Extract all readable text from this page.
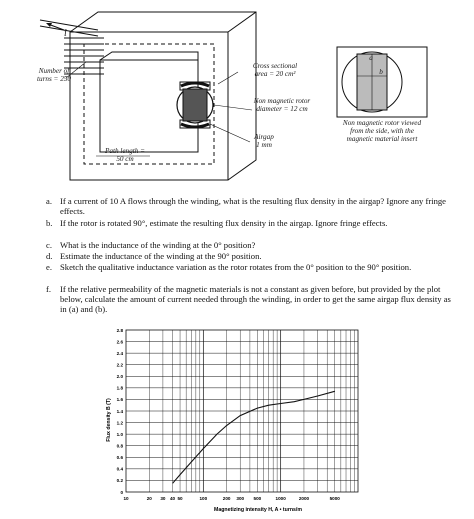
i
Number of
turns = 250
Cross sectional
area = 20 cm²
Non magnetic rotor
diameter = 12 cm
Airgap
1 mm
Path length =
50 cm
Non magnetic rotor viewed
from the side, with the
magnetic material insert
a
b
a. If a current of 10 A flows through the winding, what is the resulting flux density in the airgap? Ignore any fringe effects.
b. If the rotor is rotated 90°, estimate the resulting flux density in the airgap. Ignore fringe effects.
c. What is the inductance of the winding at the 0° position?
d. Estimate the inductance of the winding at the 90° position.
e. Sketch the qualitative inductance variation as the rotor rotates from the 0° position to the 90° position.
f. If the relative permeability of the magnetic materials is not a constant as given before, but provided by the plot below, calculate the amount of current needed through the winding, in order to get the same airgap flux density as in (a) and (b).
0
0.2
0.4
0.6
0.8
1.0
1.2
1.4
1.6
1.8
2.0
2.2
2.4
2.6
2.8
10	20 30 40 50	100	200 300 500	1000	2000	5000
Magnetizing intensity H, A • turns/m
Flux density B (T)
